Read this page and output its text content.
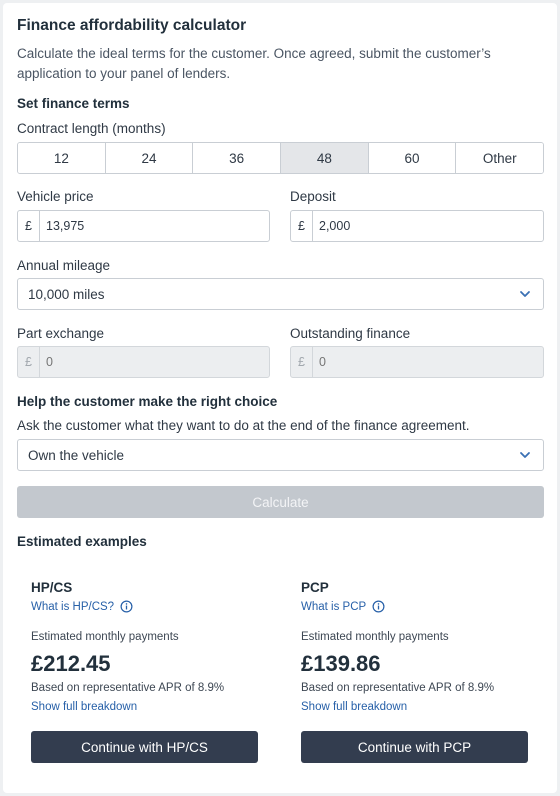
Finance affordability calculator
Calculate the ideal terms for the customer. Once agreed, submit the customer’s application to your panel of lenders.
Set finance terms
Contract length (months)
12	24	36	48	60	Other
Vehicle price
£
13,975
Deposit
£
2,000
Annual mileage
10,000 miles
Part exchange
£
0
Outstanding finance
£
0
Help the customer make the right choice
Ask the customer what they want to do at the end of the finance agreement.
Own the vehicle
Calculate
Estimated examples
HP/CS
What is HP/CS?
Estimated monthly payments
£212.45
Based on representative APR of 8.9%
Show full breakdown
Continue with HP/CS
PCP
What is PCP
Estimated monthly payments
£139.86
Based on representative APR of 8.9%
Show full breakdown
Continue with PCP
